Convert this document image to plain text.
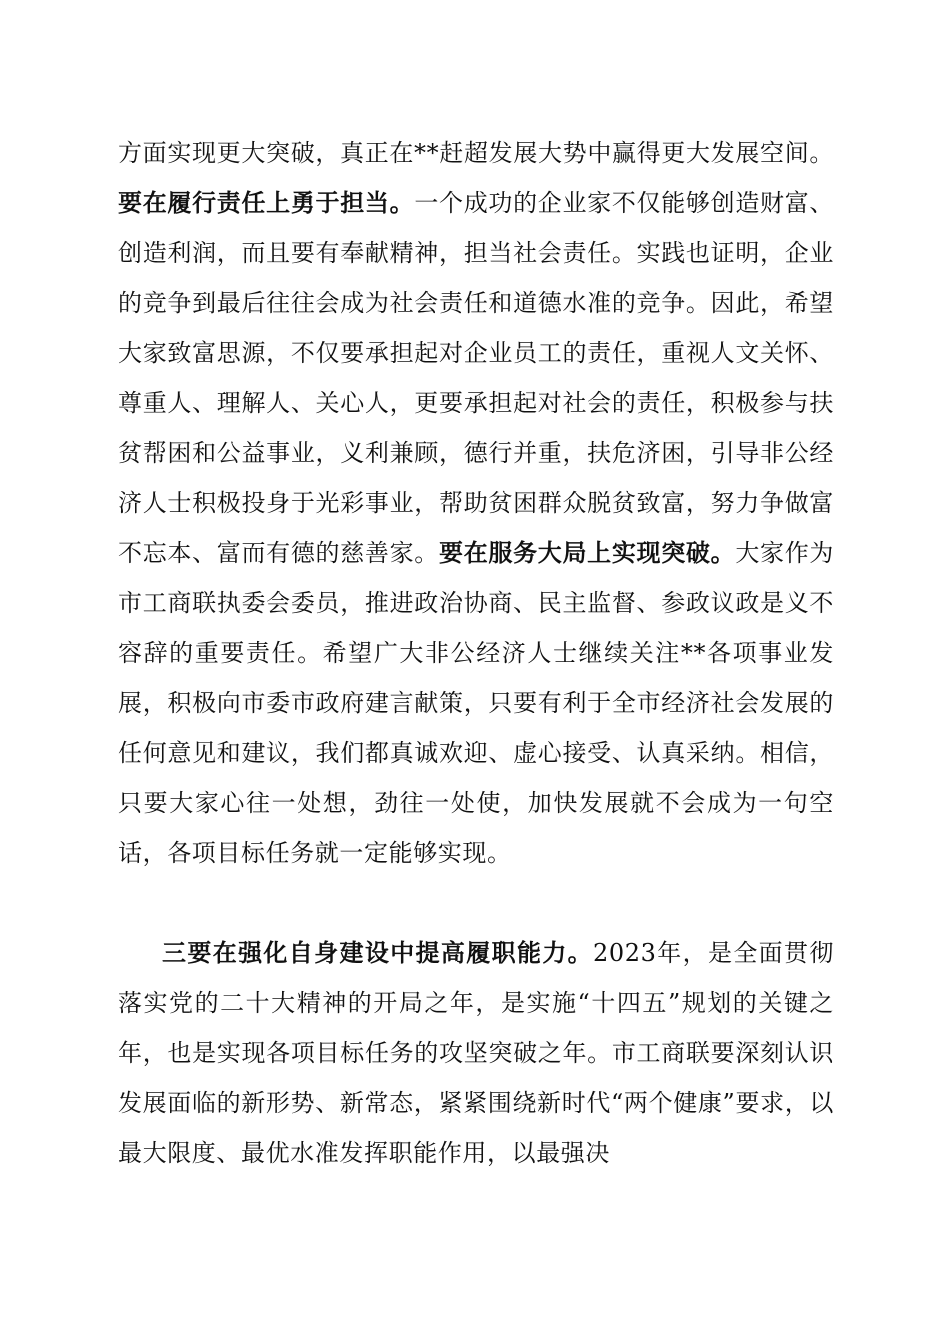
方面实现更大突破，真正在**赶超发展大势中赢得更大发展空间。要在履行责任上勇于担当。一个成功的企业家不仅能够创造财富、创造利润，而且要有奉献精神，担当社会责任。实践也证明，企业的竞争到最后往往会成为社会责任和道德水准的竞争。因此，希望大家致富思源，不仅要承担起对企业员工的责任，重视人文关怀、尊重人、理解人、关心人，更要承担起对社会的责任，积极参与扶贫帮困和公益事业，义利兼顾，德行并重，扶危济困，引导非公经济人士积极投身于光彩事业，帮助贫困群众脱贫致富，努力争做富不忘本、富而有德的慈善家。要在服务大局上实现突破。大家作为市工商联执委会委员，推进政治协商、民主监督、参政议政是义不容辞的重要责任。希望广大非公经济人士继续关注**各项事业发展，积极向市委市政府建言献策，只要有利于全市经济社会发展的任何意见和建议，我们都真诚欢迎、虚心接受、认真采纳。相信，只要大家心往一处想，劲往一处使，加快发展就不会成为一句空话，各项目标任务就一定能够实现。

三要在强化自身建设中提高履职能力。2023年，是全面贯彻落实党的二十大精神的开局之年，是实施“十四五”规划的关键之年，也是实现各项目标任务的攻坚突破之年。市工商联要深刻认识发展面临的新形势、新常态，紧紧围绕新时代“两个健康”要求，以最大限度、最优水准发挥职能作用，以最强决
